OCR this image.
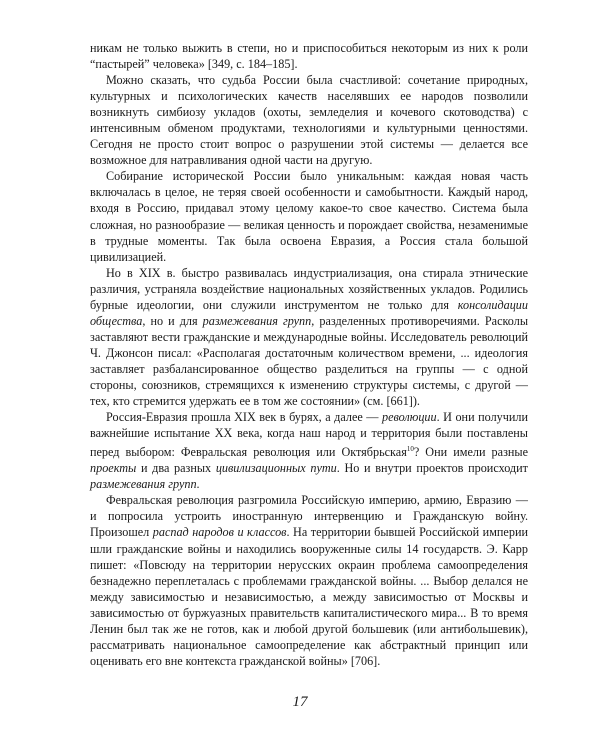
никам не только выжить в степи, но и приспособиться некоторым из них к роли “пастырей” человека» [349, с. 184–185].

Можно сказать, что судьба России была счастливой: сочетание природных, культурных и психологических качеств населявших ее народов позволили возникнуть симбиозу укладов (охоты, земледелия и кочевого скотоводства) с интенсивным обменом продуктами, технологиями и культурными ценностями. Сегодня не просто стоит вопрос о разрушении этой системы — делается все возможное для натравливания одной части на другую.

Собирание исторической России было уникальным: каждая новая часть включалась в целое, не теряя своей особенности и самобытности. Каждый народ, входя в Россию, придавал этому целому какое-то свое качество. Система была сложная, но разнообразие — великая ценность и порождает свойства, незаменимые в трудные моменты. Так была освоена Евразия, а Россия стала большой цивилизацией.

Но в XIX в. быстро развивалась индустриализация, она стирала этнические различия, устраняла воздействие национальных хозяйственных укладов. Родились бурные идеологии, они служили инструментом не только для консолидации общества, но и для размежевания групп, разделенных противоречиями. Расколы заставляют вести гражданские и международные войны. Исследователь революций Ч. Джонсон писал: «Располагая достаточным количеством времени, ... идеология заставляет разбалансированное общество разделиться на группы — с одной стороны, союзников, стремящихся к изменению структуры системы, с другой — тех, кто стремится удержать ее в том же состоянии» (см. [661]).

Россия-Евразия прошла XIX век в бурях, а далее — революции. И они получили важнейшие испытание XX века, когда наш народ и территория были поставлены перед выбором: Февральская революция или Октябрьская$^{10}$? Они имели разные проекты и два разных цивилизационных пути. Но и внутри проектов происходит размежевания групп.

Февральская революция разгромила Российскую империю, армию, Евразию — и попросила устроить иностранную интервенцию и Гражданскую войну. Произошел распад народов и классов. На территории бывшей Российской империи шли гражданские войны и находились вооруженные силы 14 государств. Э. Карр пишет: «Повсюду на территории нерусских окраин проблема самоопределения безнадежно переплеталась с проблемами гражданской войны. ... Выбор делался не между зависимостью и независимостью, а между зависимостью от Москвы и зависимостью от буржуазных правительств капиталистического мира... В то время Ленин был так же не готов, как и любой другой большевик (или антибольшевик), рассматривать национальное самоопределение как абстрактный принцип или оценивать его вне контекста гражданской войны» [706].

17
